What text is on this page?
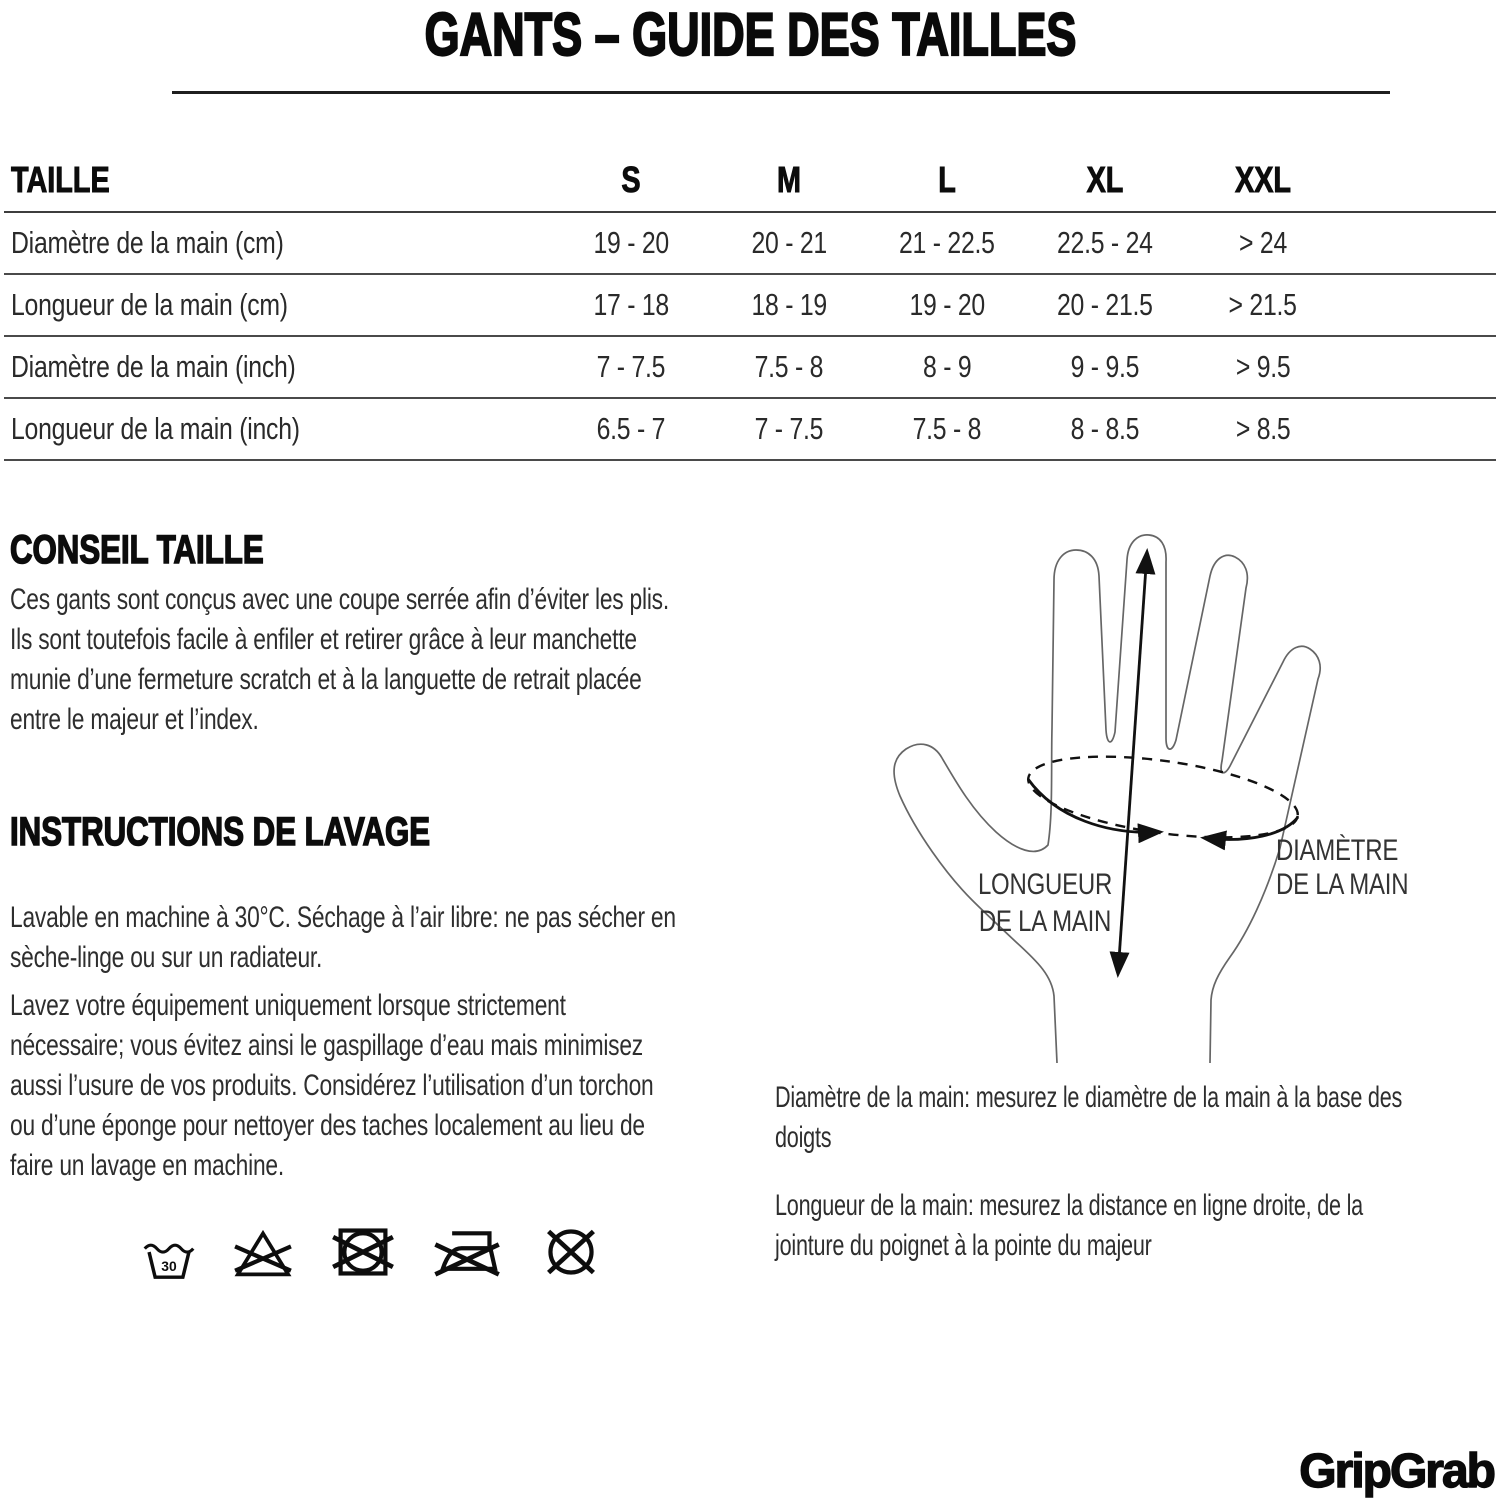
GANTS – GUIDE DES TAILLES
TAILLE	S	M	L	XL	XXL	
Diamètre de la main (cm)	19 - 20	20 - 21	21 - 22.5	22.5 - 24	> 24	
Longueur de la main (cm)	17 - 18	18 - 19	19 - 20	20 - 21.5	> 21.5	
Diamètre de la main (inch)	7 - 7.5	7.5 - 8	8 - 9	9 - 9.5	> 9.5	
Longueur de la main (inch)	6.5 - 7	7 - 7.5	7.5 - 8	8 - 8.5	> 8.5	
CONSEIL TAILLE
Ces gants sont conçus avec une coupe serrée afin d’éviter les plis.
Ils sont toutefois facile à enfiler et retirer grâce à leur manchette
munie d’une fermeture scratch et à la languette de retrait placée
entre le majeur et l’index.
INSTRUCTIONS DE LAVAGE
Lavable en machine à 30°C. Séchage à l’air libre: ne pas sécher en
sèche-linge ou sur un radiateur.
Lavez votre équipement uniquement lorsque strictement
nécessaire; vous évitez ainsi le gaspillage d’eau mais minimisez
aussi l’usure de vos produits. Considérez l’utilisation d’un torchon
ou d’une éponge pour nettoyer des taches localement au lieu de
faire un lavage en machine.
30
LONGUEUR
DE LA MAIN
DIAMÈTRE
DE LA MAIN
Diamètre de la main: mesurez le diamètre de la main à la base des
doigts
Longueur de la main: mesurez la distance en ligne droite, de la
jointure du poignet à la pointe du majeur
GripGrab
